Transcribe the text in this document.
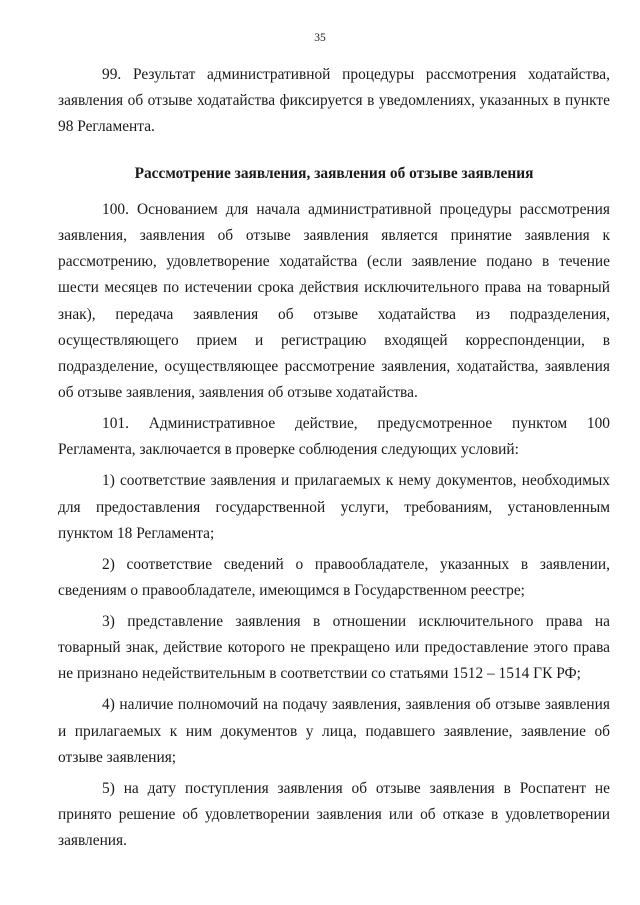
35

99. Результат административной процедуры рассмотрения ходатайства, заявления об отзыве ходатайства фиксируется в уведомлениях, указанных в пункте 98 Регламента.

Рассмотрение заявления, заявления об отзыве заявления

100. Основанием для начала административной процедуры рассмотрения заявления, заявления об отзыве заявления является принятие заявления к рассмотрению, удовлетворение ходатайства (если заявление подано в течение шести месяцев по истечении срока действия исключительного права на товарный знак), передача заявления об отзыве ходатайства из подразделения, осуществляющего прием и регистрацию входящей корреспонденции, в подразделение, осуществляющее рассмотрение заявления, ходатайства, заявления об отзыве заявления, заявления об отзыве ходатайства.

101. Административное действие, предусмотренное пунктом 100 Регламента, заключается в проверке соблюдения следующих условий:

1) соответствие заявления и прилагаемых к нему документов, необходимых для предоставления государственной услуги, требованиям, установленным пунктом 18 Регламента;

2) соответствие сведений о правообладателе, указанных в заявлении, сведениям о правообладателе, имеющимся в Государственном реестре;

3) представление заявления в отношении исключительного права на товарный знак, действие которого не прекращено или предоставление этого права не признано недействительным в соответствии со статьями 1512 – 1514 ГК РФ;

4) наличие полномочий на подачу заявления, заявления об отзыве заявления и прилагаемых к ним документов у лица, подавшего заявление, заявление об отзыве заявления;

5) на дату поступления заявления об отзыве заявления в Роспатент не принято решение об удовлетворении заявления или об отказе в удовлетворении заявления.
